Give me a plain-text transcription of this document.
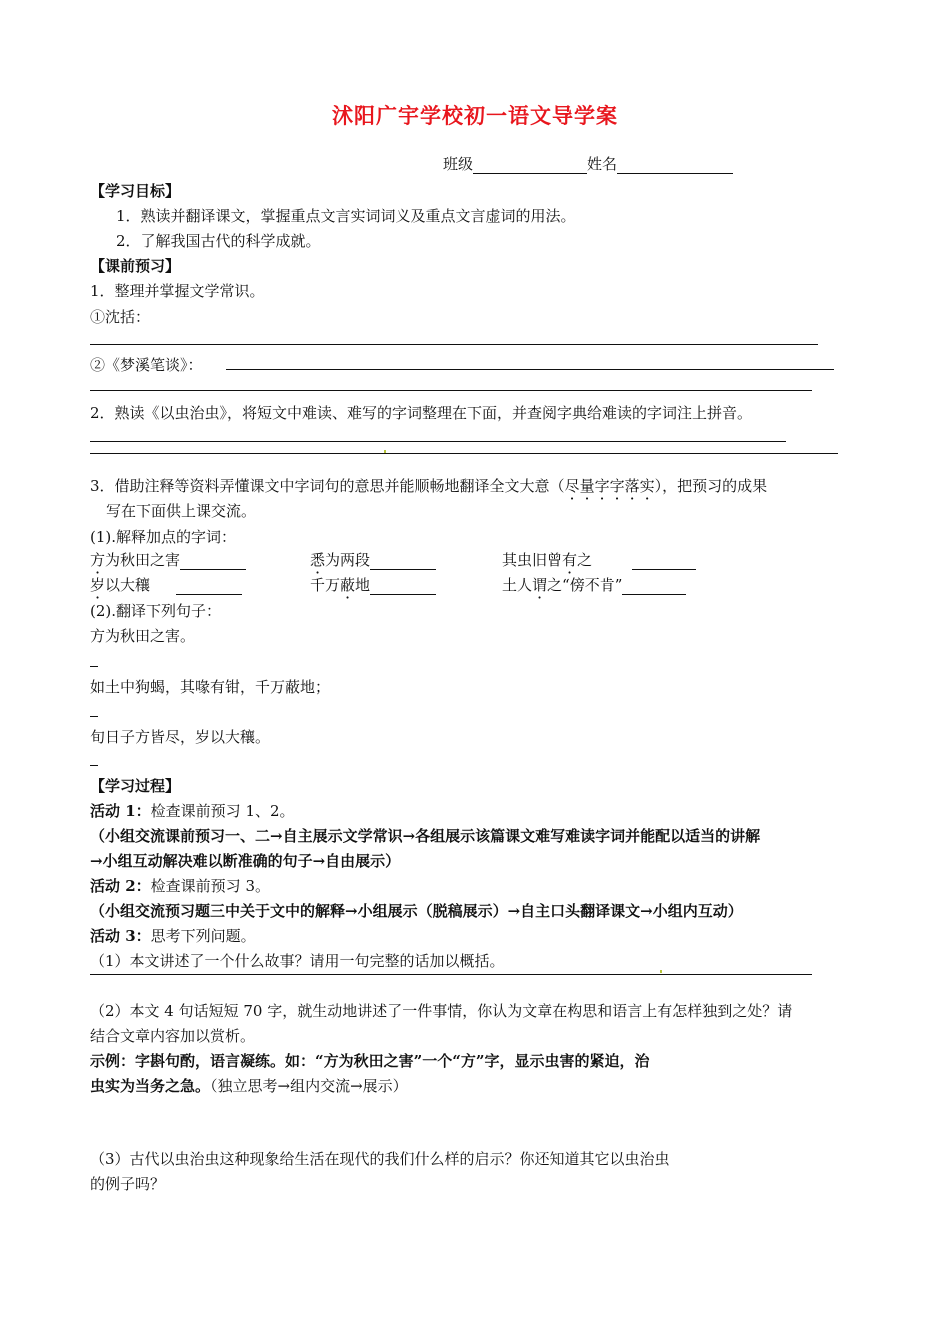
沭阳广宇学校初一语文导学案
班级	姓名
【学习目标】
1．熟读并翻译课文，掌握重点文言实词词义及重点文言虚词的用法。
2．了解我国古代的科学成就。
【课前预习】
1．整理并掌握文学常识。
①沈括：
②《梦溪笔谈》：
2．熟读《以虫治虫》，将短文中难读、难写的字词整理在下面，并查阅字典给难读的字词注上拼音。
3．借助注释等资料弄懂课文中字词句的意思并能顺畅地翻译全文大意（尽量字字落实），把预习的成果
写在下面供上课交流。
(1).解释加点的字词：
方为秋田之害	悉为两段	其虫旧曾有之
岁以大穰	千万蔽地	土人谓之“傍不肯”
(2).翻译下列句子：
方为秋田之害。
如土中狗蝎，其喙有钳，千万蔽地；
旬日子方皆尽，岁以大穰。
【学习过程】
活动 1：检查课前预习 1、2。
（小组交流课前预习一、二→自主展示文学常识→各组展示该篇课文难写难读字词并能配以适当的讲解
→小组互动解决难以断准确的句子→自由展示）
活动 2：检查课前预习 3。
（小组交流预习题三中关于文中的解释→小组展示（脱稿展示）→自主口头翻译课文→小组内互动）
活动 3：思考下列问题。
（1）本文讲述了一个什么故事？请用一句完整的话加以概括。
（2）本文 4 句话短短 70 字，就生动地讲述了一件事情，你认为文章在构思和语言上有怎样独到之处？请
结合文章内容加以赏析。
示例：字斟句酌，语言凝练。如：“方为秋田之害”一个“方”字，显示虫害的紧迫，治
虫实为当务之急。（独立思考→组内交流→展示）
（3）古代以虫治虫这种现象给生活在现代的我们什么样的启示？你还知道其它以虫治虫
的例子吗？
